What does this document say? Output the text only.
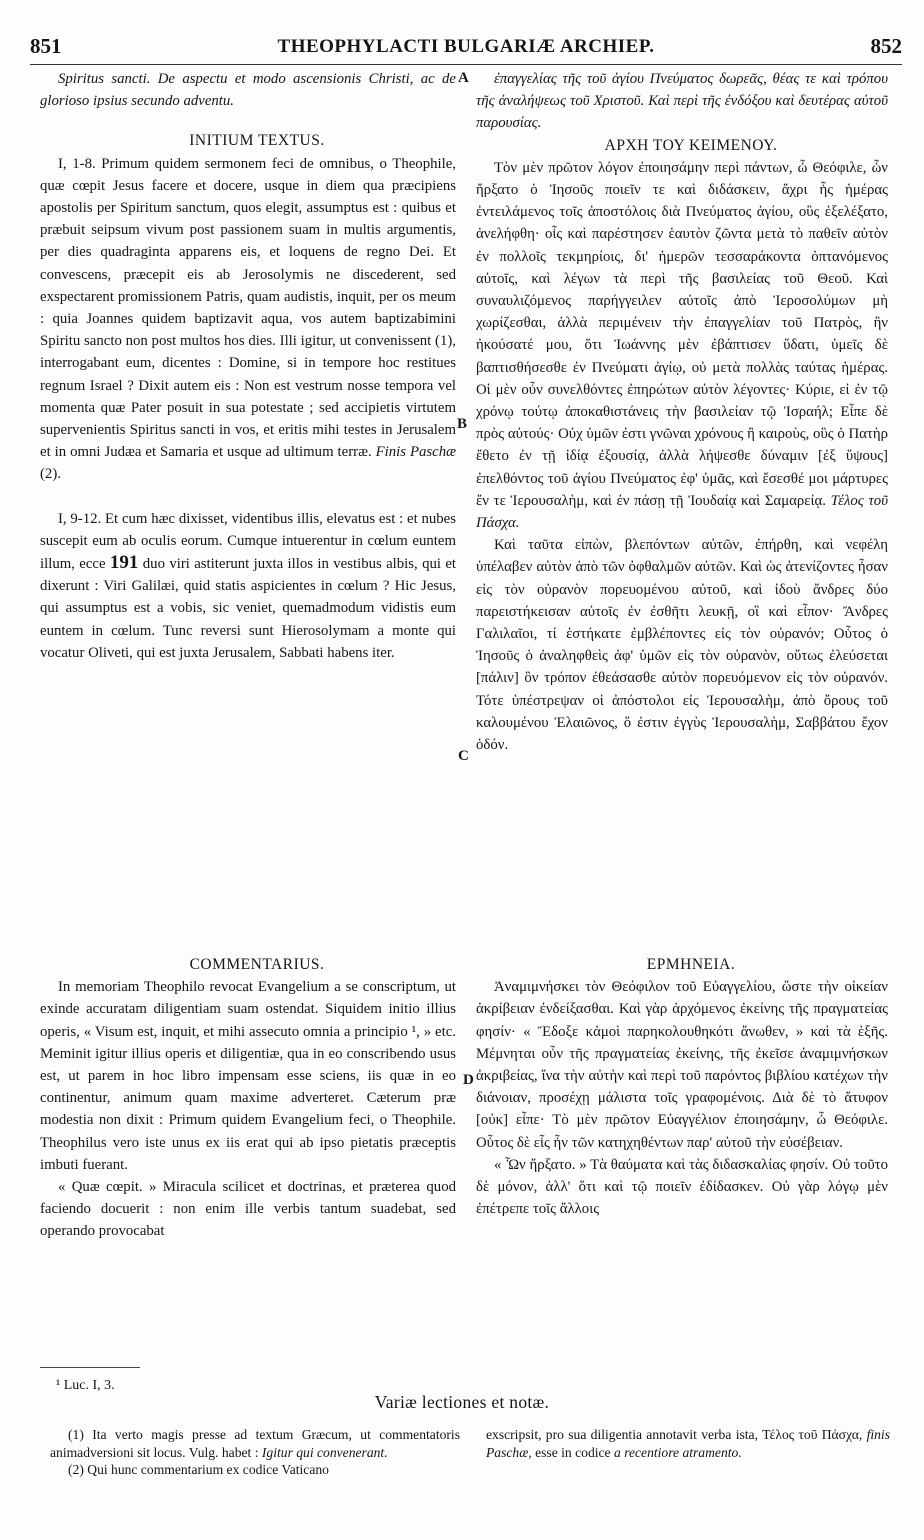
851	THEOPHYLACTI BULGARIÆ ARCHIEP.	852
A
B
C
D

Spiritus sancti. De aspectu et modo ascensionis Christi, ac de glorioso ipsius secundo adventu.

INITIUM TEXTUS.

I, 1-8. Primum quidem sermonem feci de omnibus, o Theophile, quæ cœpit Jesus facere et docere, usque in diem qua præcipiens apostolis per Spiritum sanctum, quos elegit, assumptus est : quibus et præbuit seipsum vivum post passionem suam in multis argumentis, per dies quadraginta apparens eis, et loquens de regno Dei. Et convescens, præcepit eis ab Jerosolymis ne discederent, sed exspectarent promissionem Patris, quam audistis, inquit, per os meum : quia Joannes quidem baptizavit aqua, vos autem baptizabimini Spiritu sancto non post multos hos dies. Illi igitur, ut convenissent (1), interrogabant eum, dicentes : Domine, si in tempore hoc restitues regnum Israel ? Dixit autem eis : Non est vestrum nosse tempora vel momenta quæ Pater posuit in sua potestate ; sed accipietis virtutem supervenientis Spiritus sancti in vos, et eritis mihi testes in Jerusalem et in omni Judæa et Samaria et usque ad ultimum terræ. Finis Paschæ (2).

I, 9-12. Et cum hæc dixisset, videntibus illis, elevatus est : et nubes suscepit eum ab oculis eorum. Cumque intuerentur in cœlum euntem illum, ecce 191 duo viri astiterunt juxta illos in vestibus albis, qui et dixerunt : Viri Galilæi, quid statis aspicientes in cœlum ? Hic Jesus, qui assumptus est a vobis, sic veniet, quemadmodum vidistis eum euntem in cœlum. Tunc reversi sunt Hierosolymam a monte qui vocatur Oliveti, qui est juxta Jerusalem, Sabbati habens iter.

COMMENTARIUS.

In memoriam Theophilo revocat Evangelium a se conscriptum, ut exinde accuratam diligentiam suam ostendat. Siquidem initio illius operis, « Visum est, inquit, et mihi assecuto omnia a principio ¹, » etc. Meminit igitur illius operis et diligentiæ, qua in eo conscribendo usus est, ut parem in hoc libro impensam esse sciens, iis quæ in eo continentur, animum quam maxime adverteret. Cæterum præ modestia non dixit : Primum quidem Evangelium feci, o Theophile. Theophilus vero iste unus ex iis erat qui ab ipso pietatis præceptis imbuti fuerant.

« Quæ cœpit. » Miracula scilicet et doctrinas, et præterea quod faciendo docuerit : non enim ille verbis tantum suadebat, sed operando provocabat

ἐπαγγελίας τῆς τοῦ ἁγίου Πνεύματος δωρεᾶς, θέας τε καὶ τρόπου τῆς ἀναλήψεως τοῦ Χριστοῦ. Καὶ περὶ τῆς ἐνδόξου καὶ δευτέρας αὐτοῦ παρουσίας.

ΑΡΧΗ ΤΟΥ ΚΕΙΜΕΝΟΥ.

Τὸν μὲν πρῶτον λόγον ἐποιησάμην περὶ πάντων, ὦ Θεόφιλε, ὧν ἤρξατο ὁ Ἰησοῦς ποιεῖν τε καὶ διδάσκειν, ἄχρι ἧς ἡμέρας ἐντειλάμενος τοῖς ἀποστόλοις διὰ Πνεύματος ἁγίου, οὓς ἐξελέξατο, ἀνελήφθη· οἷς καὶ παρέστησεν ἑαυτὸν ζῶντα μετὰ τὸ παθεῖν αὐτὸν ἐν πολλοῖς τεκμηρίοις, δι' ἡμερῶν τεσσαράκοντα ὀπτανόμενος αὐτοῖς, καὶ λέγων τὰ περὶ τῆς βασιλείας τοῦ Θεοῦ. Καὶ συναυλιζόμενος παρήγγειλεν αὐτοῖς ἀπὸ Ἱεροσολύμων μὴ χωρίζεσθαι, ἀλλὰ περιμένειν τὴν ἐπαγγελίαν τοῦ Πατρὸς, ἣν ἠκούσατέ μου, ὅτι Ἰωάννης μὲν ἐβάπτισεν ὕδατι, ὑμεῖς δὲ βαπτισθήσεσθε ἐν Πνεύματι ἁγίῳ, οὐ μετὰ πολλὰς ταύτας ἡμέρας. Οἱ μὲν οὖν συνελθόντες ἐπηρώτων αὐτὸν λέγοντες· Κύριε, εἰ ἐν τῷ χρόνῳ τούτῳ ἀποκαθιστάνεις τὴν βασιλείαν τῷ Ἰσραήλ; Εἶπε δὲ πρὸς αὐτούς· Οὐχ ὑμῶν ἐστι γνῶναι χρόνους ἢ καιροὺς, οὓς ὁ Πατὴρ ἔθετο ἐν τῇ ἰδίᾳ ἐξουσίᾳ, ἀλλὰ λήψεσθε δύναμιν [ἐξ ὕψους] ἐπελθόντος τοῦ ἁγίου Πνεύματος ἐφ' ὑμᾶς, καὶ ἔσεσθέ μοι μάρτυρες ἔν τε Ἱερουσαλὴμ, καὶ ἐν πάσῃ τῇ Ἰουδαίᾳ καὶ Σαμαρείᾳ. Τέλος τοῦ Πάσχα.

Καὶ ταῦτα εἰπὼν, βλεπόντων αὐτῶν, ἐπήρθη, καὶ νεφέλη ὑπέλαβεν αὐτὸν ἀπὸ τῶν ὀφθαλμῶν αὐτῶν. Καὶ ὡς ἀτενίζοντες ἦσαν εἰς τὸν οὐρανὸν πορευομένου αὐτοῦ, καὶ ἰδοὺ ἄνδρες δύο παρειστήκεισαν αὐτοῖς ἐν ἐσθῆτι λευκῇ, οἳ καὶ εἶπον· Ἄνδρες Γαλιλαῖοι, τί ἑστήκατε ἐμβλέποντες εἰς τὸν οὐρανόν; Οὗτος ὁ Ἰησοῦς ὁ ἀναληφθεὶς ἀφ' ὑμῶν εἰς τὸν οὐρανὸν, οὕτως ἐλεύσεται [πάλιν] ὃν τρόπον ἐθεάσασθε αὐτὸν πορευόμενον εἰς τὸν οὐρανόν. Τότε ὑπέστρεψαν οἱ ἀπόστολοι εἰς Ἱερουσαλὴμ, ἀπὸ ὄρους τοῦ καλουμένου Ἐλαιῶνος, ὅ ἐστιν ἐγγὺς Ἱερουσαλὴμ, Σαββάτου ἔχον ὁδόν.

ΕΡΜΗΝΕΙΑ.

Ἀναμιμνήσκει τὸν Θεόφιλον τοῦ Εὐαγγελίου, ὥστε τὴν οἰκείαν ἀκρίβειαν ἐνδείξασθαι. Καὶ γὰρ ἀρχόμενος ἐκείνης τῆς πραγματείας φησίν· « Ἔδοξε κἀμοὶ παρηκολουθηκότι ἄνωθεν, » καὶ τὰ ἑξῆς. Μέμνηται οὖν τῆς πραγματείας ἐκείνης, τῆς ἐκεῖσε ἀναμιμνήσκων ἀκριβείας, ἵνα τὴν αὐτὴν καὶ περὶ τοῦ παρόντος βιβλίου κατέχων τὴν διάνοιαν, προσέχῃ μάλιστα τοῖς γραφομένοις. Διὰ δὲ τὸ ἄτυφον [οὐκ] εἶπε· Τὸ μὲν πρῶτον Εὐαγγέλιον ἐποιησάμην, ὦ Θεόφιλε. Οὗτος δὲ εἷς ἦν τῶν κατηχηθέντων παρ' αὐτοῦ τὴν εὐσέβειαν.

« Ὧν ἤρξατο. » Τὰ θαύματα καὶ τὰς διδασκαλίας φησίν. Οὐ τοῦτο δὲ μόνον, ἀλλ' ὅτι καὶ τῷ ποιεῖν ἐδίδασκεν. Οὐ γὰρ λόγῳ μὲν ἐπέτρεπε τοῖς ἄλλοις

¹ Luc. I, 3.
Variæ lectiones et notæ.

(1) Ita verto magis presse ad textum Græcum, ut commentatoris animadversioni sit locus. Vulg. habet : Igitur qui convenerant.

(2) Qui hunc commentarium ex codice Vaticano

exscripsit, pro sua diligentia annotavit verba ista, Τέλος τοῦ Πάσχα, finis Paschæ, esse in codice a recentiore atramento.
